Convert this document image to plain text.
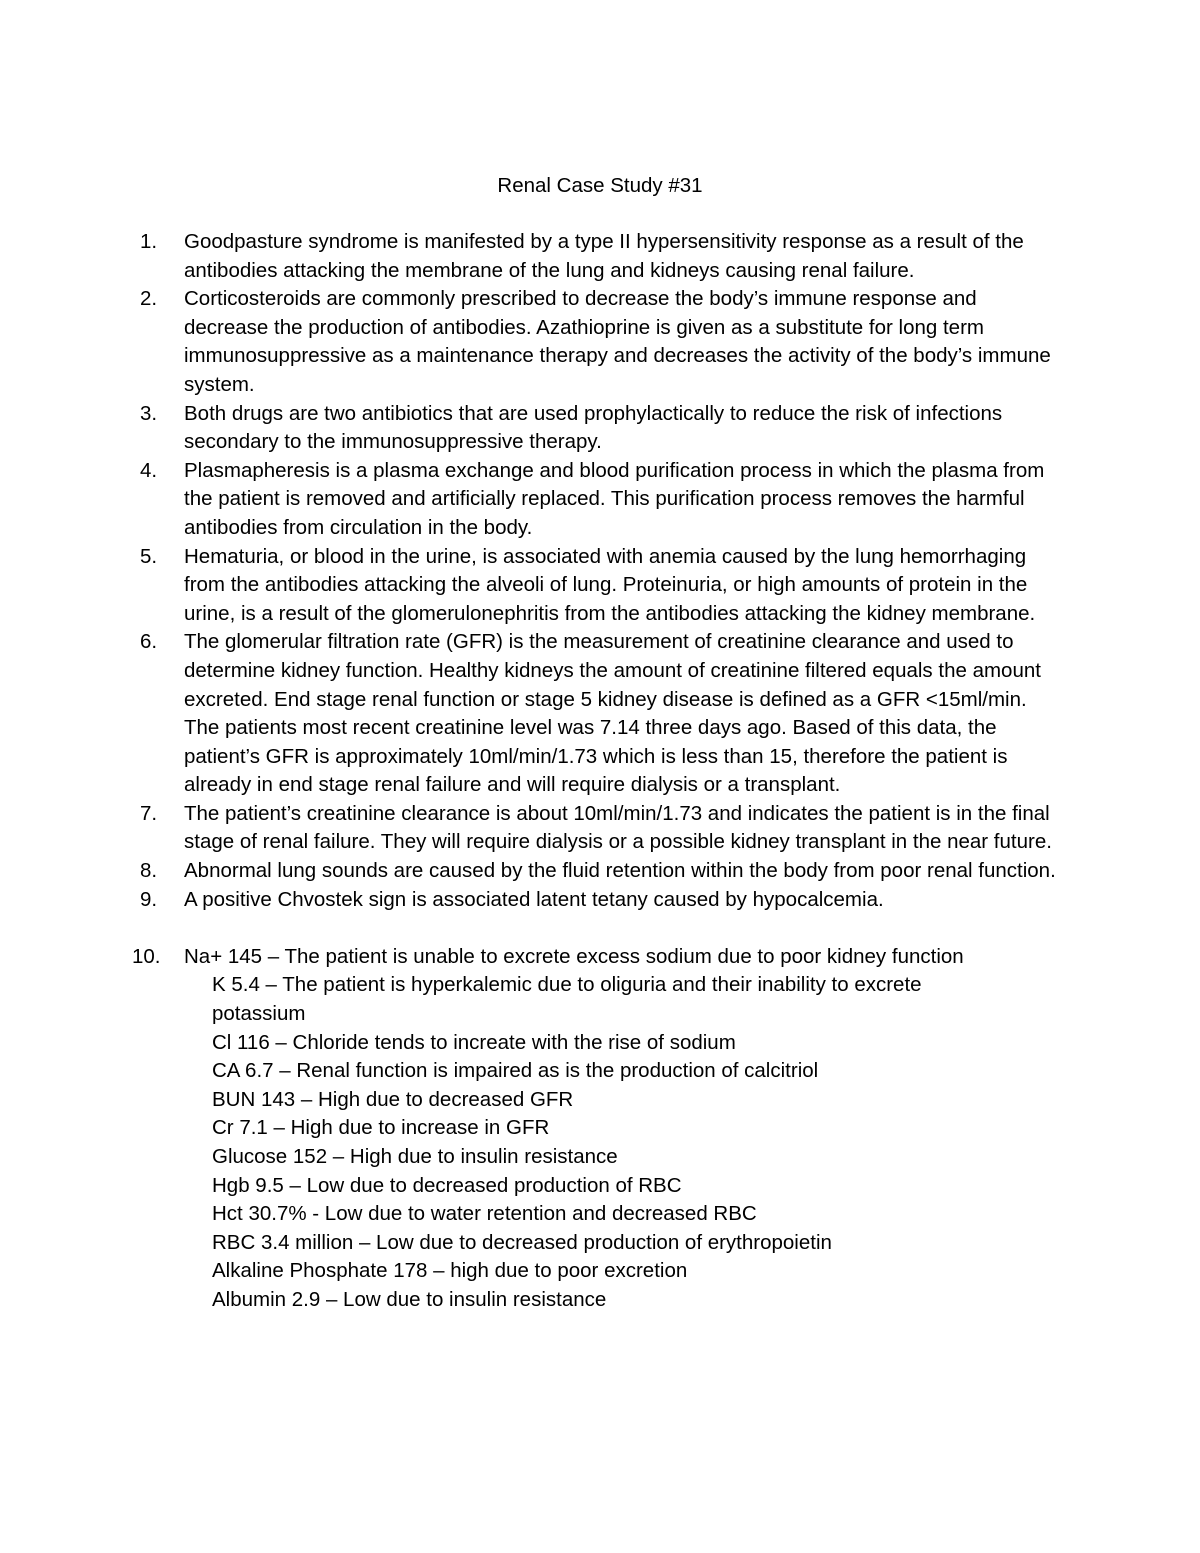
Renal Case Study #31
1. Goodpasture syndrome is manifested by a type II hypersensitivity response as a result of the antibodies attacking the membrane of the lung and kidneys causing renal failure.
2. Corticosteroids are commonly prescribed to decrease the body’s immune response and decrease the production of antibodies. Azathioprine is given as a substitute for long term immunosuppressive as a maintenance therapy and decreases the activity of the body’s immune system.
3. Both drugs are two antibiotics that are used prophylactically to reduce the risk of infections secondary to the immunosuppressive therapy.
4. Plasmapheresis is a plasma exchange and blood purification process in which the plasma from the patient is removed and artificially replaced. This purification process removes the harmful antibodies from circulation in the body.
5. Hematuria, or blood in the urine, is associated with anemia caused by the lung hemorrhaging from the antibodies attacking the alveoli of lung. Proteinuria, or high amounts of protein in the urine, is a result of the glomerulonephritis from the antibodies attacking the kidney membrane.
6. The glomerular filtration rate (GFR) is the measurement of creatinine clearance and used to determine kidney function. Healthy kidneys the amount of creatinine filtered equals the amount excreted. End stage renal function or stage 5 kidney disease is defined as a GFR <15ml/min. The patients most recent creatinine level was 7.14 three days ago. Based of this data, the patient’s GFR is approximately 10ml/min/1.73 which is less than 15, therefore the patient is already in end stage renal failure and will require dialysis or a transplant.
7. The patient’s creatinine clearance is about 10ml/min/1.73 and indicates the patient is in the final stage of renal failure. They will require dialysis or a possible kidney transplant in the near future.
8. Abnormal lung sounds are caused by the fluid retention within the body from poor renal function.
9. A positive Chvostek sign is associated latent tetany caused by hypocalcemia.
10. Na+ 145 – The patient is unable to excrete excess sodium due to poor kidney function
K 5.4 – The patient is hyperkalemic due to oliguria and their inability to excrete potassium
Cl 116 – Chloride tends to increate with the rise of sodium
CA 6.7 – Renal function is impaired as is the production of calcitriol
BUN 143 – High due to decreased GFR
Cr 7.1 – High due to increase in GFR
Glucose 152 – High due to insulin resistance
Hgb 9.5 – Low due to decreased production of RBC
Hct 30.7% - Low due to water retention and decreased RBC
RBC 3.4 million – Low due to decreased production of erythropoietin
Alkaline Phosphate 178 – high due to poor excretion
Albumin 2.9 – Low due to insulin resistance
